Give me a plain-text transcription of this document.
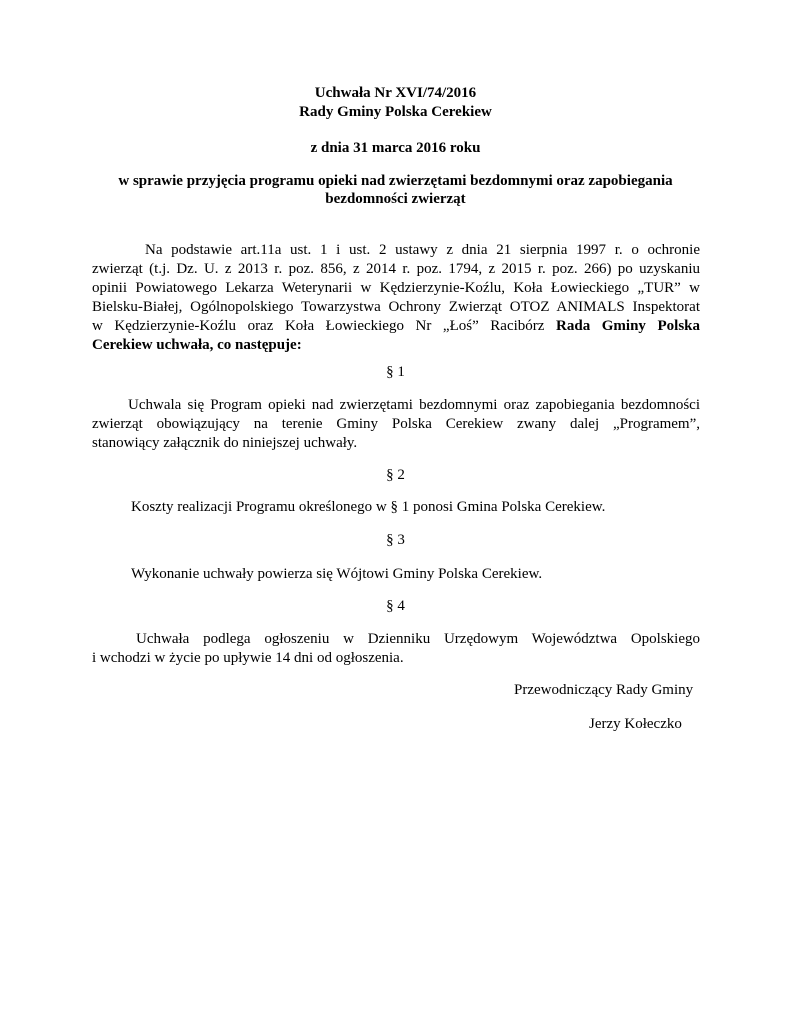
Uchwała Nr XVI/74/2016
Rady Gminy Polska Cerekiew
z dnia 31 marca 2016 roku
w sprawie przyjęcia programu opieki nad zwierzętami bezdomnymi oraz zapobiegania
bezdomności zwierząt
Na podstawie art.11a ust. 1 i ust. 2 ustawy z dnia 21 sierpnia 1997 r. o ochronie
zwierząt (t.j. Dz. U. z 2013 r. poz. 856, z 2014 r. poz. 1794, z 2015 r. poz. 266) po uzyskaniu
opinii Powiatowego Lekarza Weterynarii w Kędzierzynie-Koźlu, Koła Łowieckiego „TUR” w
Bielsku-Białej, Ogólnopolskiego Towarzystwa Ochrony Zwierząt OTOZ ANIMALS Inspektorat
w Kędzierzynie-Koźlu oraz Koła Łowieckiego Nr „Łoś” Racibórz Rada Gminy Polska
Cerekiew uchwała, co następuje:
§ 1
Uchwala się Program opieki nad zwierzętami bezdomnymi oraz zapobiegania bezdomności
zwierząt obowiązujący na terenie Gminy Polska Cerekiew zwany dalej „Programem”,
stanowiący załącznik do niniejszej uchwały.
§ 2
Koszty realizacji Programu określonego w § 1 ponosi Gmina Polska Cerekiew.
§ 3
Wykonanie uchwały powierza się Wójtowi Gminy Polska Cerekiew.
§ 4
Uchwała podlega ogłoszeniu w Dzienniku Urzędowym Województwa Opolskiego
i wchodzi w życie po upływie 14 dni od ogłoszenia.
Przewodniczący Rady Gminy
Jerzy Kołeczko
